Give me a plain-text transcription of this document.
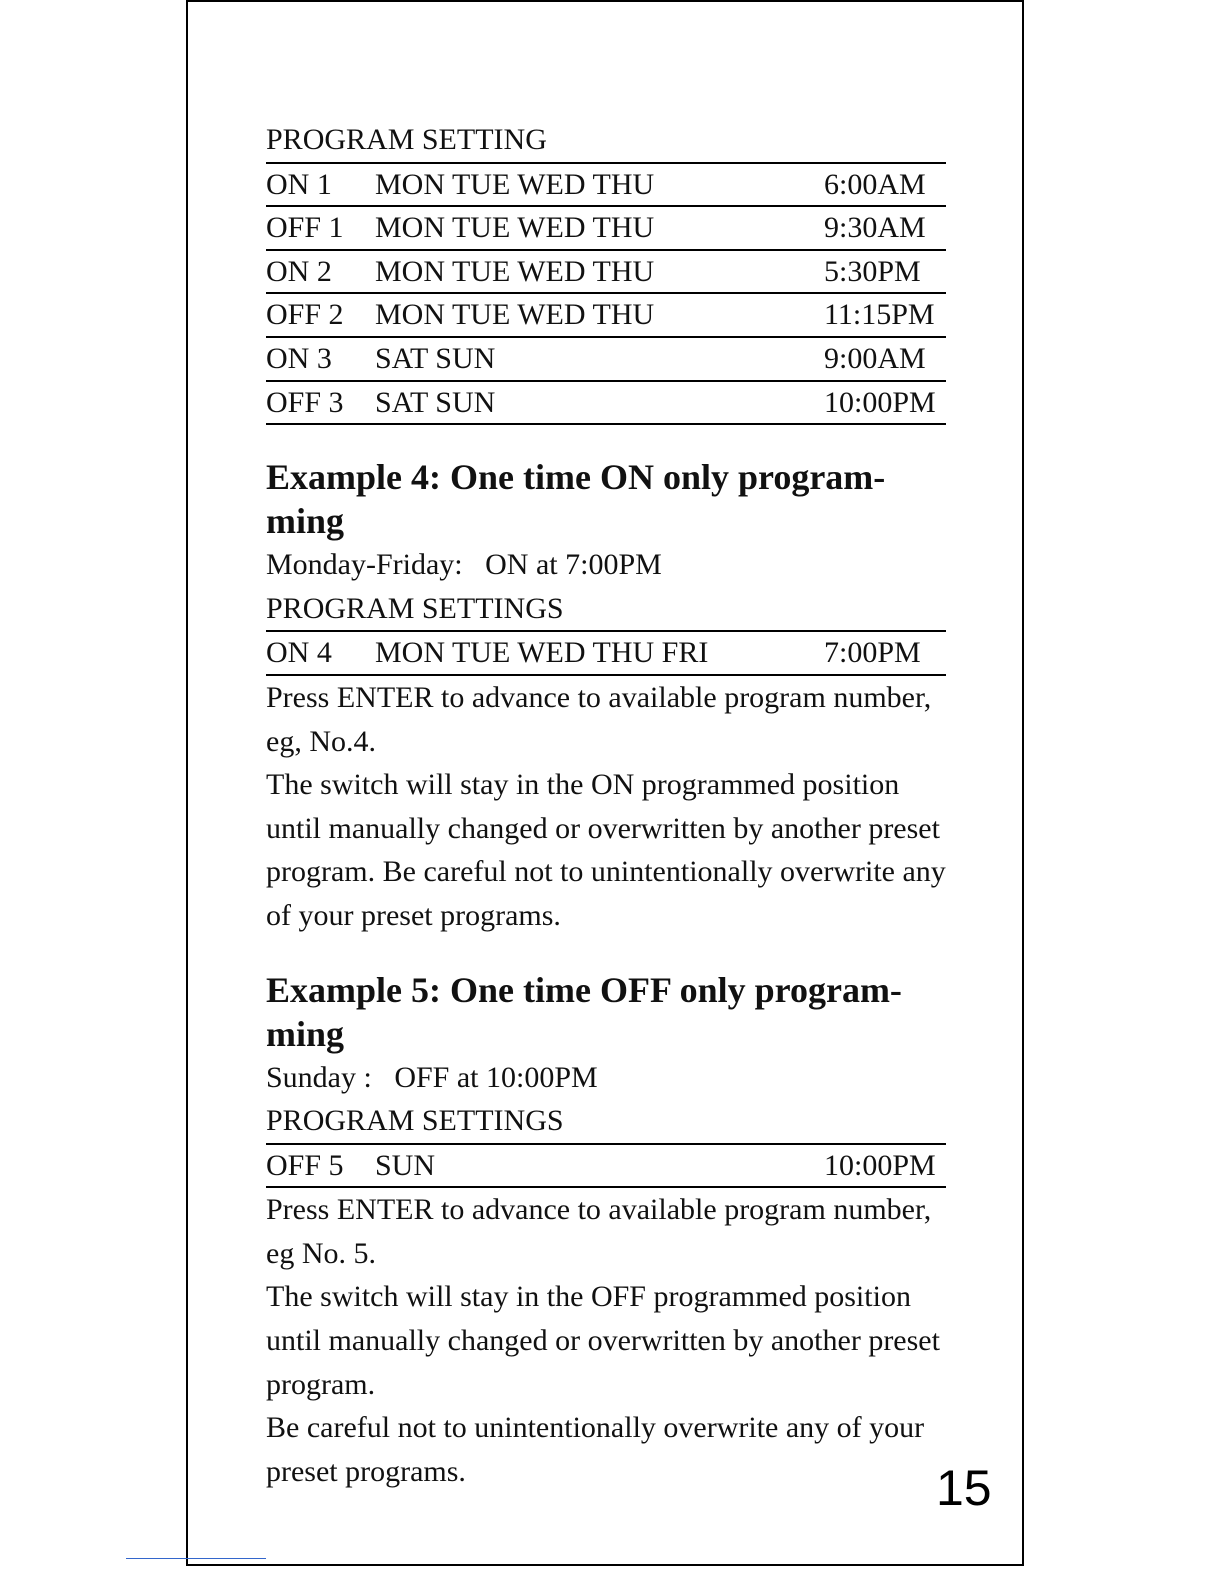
PROGRAM SETTING
ON 1 MON TUE WED THU	6:00AM
OFF 1 MON TUE WED THU	9:30AM
ON 2 MON TUE WED THU	5:30PM
OFF 2 MON TUE WED THU	11:15PM
ON 3 SAT SUN	9:00AM
OFF 3 SAT SUN	10:00PM
Example 4: One time ON only program-ming
Monday-Friday:   ON at 7:00PM
PROGRAM SETTINGS
ON 4 MON TUE WED THU FRI	7:00PM
Press ENTER to advance to available program number, eg, No.4.
The switch will stay in the ON programmed position until manually changed or overwritten by another preset program. Be careful not to unintentionally overwrite any of your preset programs.
Example 5: One time OFF only program-ming
Sunday :   OFF at 10:00PM
PROGRAM SETTINGS
OFF 5 SUN	10:00PM
Press ENTER to advance to available program number, eg No. 5.
The switch will stay in the OFF programmed position until manually changed or overwritten by another preset program.
Be careful not to unintentionally overwrite any of your preset programs.	15
